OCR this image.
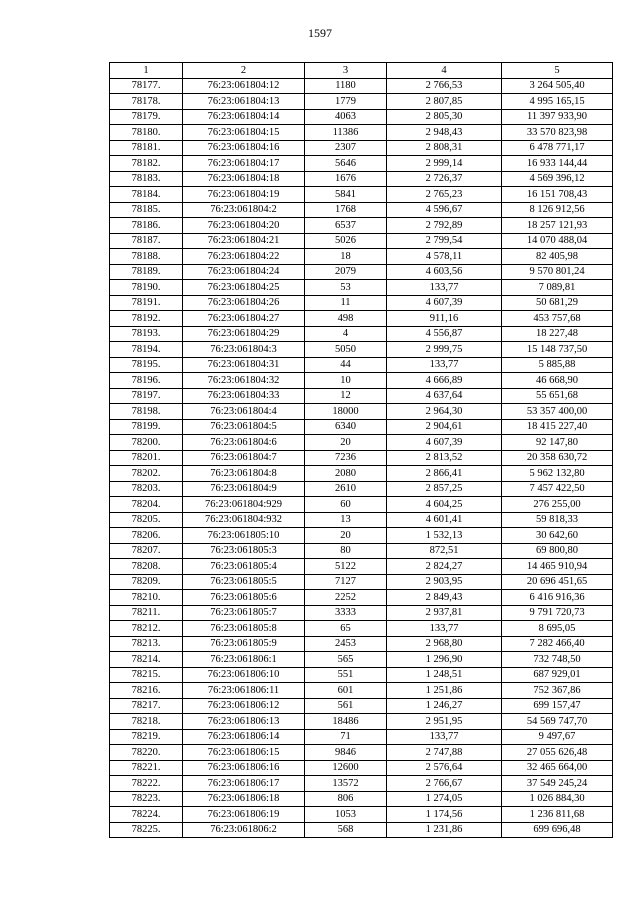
1597
1	2	3	4	5
78177.	76:23:061804:12	1180	2 766,53	3 264 505,40
78178.	76:23:061804:13	1779	2 807,85	4 995 165,15
78179.	76:23:061804:14	4063	2 805,30	11 397 933,90
78180.	76:23:061804:15	11386	2 948,43	33 570 823,98
78181.	76:23:061804:16	2307	2 808,31	6 478 771,17
78182.	76:23:061804:17	5646	2 999,14	16 933 144,44
78183.	76:23:061804:18	1676	2 726,37	4 569 396,12
78184.	76:23:061804:19	5841	2 765,23	16 151 708,43
78185.	76:23:061804:2	1768	4 596,67	8 126 912,56
78186.	76:23:061804:20	6537	2 792,89	18 257 121,93
78187.	76:23:061804:21	5026	2 799,54	14 070 488,04
78188.	76:23:061804:22	18	4 578,11	82 405,98
78189.	76:23:061804:24	2079	4 603,56	9 570 801,24
78190.	76:23:061804:25	53	133,77	7 089,81
78191.	76:23:061804:26	11	4 607,39	50 681,29
78192.	76:23:061804:27	498	911,16	453 757,68
78193.	76:23:061804:29	4	4 556,87	18 227,48
78194.	76:23:061804:3	5050	2 999,75	15 148 737,50
78195.	76:23:061804:31	44	133,77	5 885,88
78196.	76:23:061804:32	10	4 666,89	46 668,90
78197.	76:23:061804:33	12	4 637,64	55 651,68
78198.	76:23:061804:4	18000	2 964,30	53 357 400,00
78199.	76:23:061804:5	6340	2 904,61	18 415 227,40
78200.	76:23:061804:6	20	4 607,39	92 147,80
78201.	76:23:061804:7	7236	2 813,52	20 358 630,72
78202.	76:23:061804:8	2080	2 866,41	5 962 132,80
78203.	76:23:061804:9	2610	2 857,25	7 457 422,50
78204.	76:23:061804:929	60	4 604,25	276 255,00
78205.	76:23:061804:932	13	4 601,41	59 818,33
78206.	76:23:061805:10	20	1 532,13	30 642,60
78207.	76:23:061805:3	80	872,51	69 800,80
78208.	76:23:061805:4	5122	2 824,27	14 465 910,94
78209.	76:23:061805:5	7127	2 903,95	20 696 451,65
78210.	76:23:061805:6	2252	2 849,43	6 416 916,36
78211.	76:23:061805:7	3333	2 937,81	9 791 720,73
78212.	76:23:061805:8	65	133,77	8 695,05
78213.	76:23:061805:9	2453	2 968,80	7 282 466,40
78214.	76:23:061806:1	565	1 296,90	732 748,50
78215.	76:23:061806:10	551	1 248,51	687 929,01
78216.	76:23:061806:11	601	1 251,86	752 367,86
78217.	76:23:061806:12	561	1 246,27	699 157,47
78218.	76:23:061806:13	18486	2 951,95	54 569 747,70
78219.	76:23:061806:14	71	133,77	9 497,67
78220.	76:23:061806:15	9846	2 747,88	27 055 626,48
78221.	76:23:061806:16	12600	2 576,64	32 465 664,00
78222.	76:23:061806:17	13572	2 766,67	37 549 245,24
78223.	76:23:061806:18	806	1 274,05	1 026 884,30
78224.	76:23:061806:19	1053	1 174,56	1 236 811,68
78225.	76:23:061806:2	568	1 231,86	699 696,48
